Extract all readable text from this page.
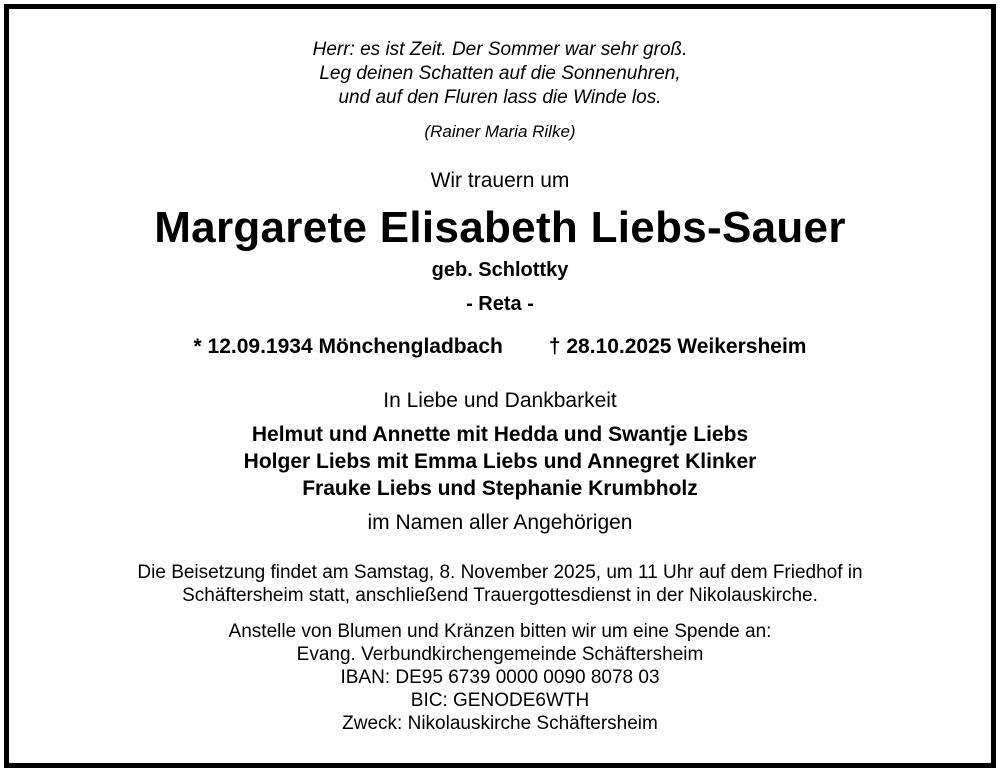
Herr: es ist Zeit. Der Sommer war sehr groß.
Leg deinen Schatten auf die Sonnenuhren,
und auf den Fluren lass die Winde los.
(Rainer Maria Rilke)
Wir trauern um
Margarete Elisabeth Liebs-Sauer
geb. Schlottky
- Reta -
* 12.09.1934 Mönchengladbach † 28.10.2025 Weikersheim
In Liebe und Dankbarkeit
Helmut und Annette mit Hedda und Swantje Liebs
Holger Liebs mit Emma Liebs und Annegret Klinker
Frauke Liebs und Stephanie Krumbholz
im Namen aller Angehörigen
Die Beisetzung findet am Samstag, 8. November 2025, um 11 Uhr auf dem Friedhof in
Schäftersheim statt, anschließend Trauergottesdienst in der Nikolauskirche.
Anstelle von Blumen und Kränzen bitten wir um eine Spende an:
Evang. Verbundkirchengemeinde Schäftersheim
IBAN: DE95 6739 0000 0090 8078 03
BIC: GENODE6WTH
Zweck: Nikolauskirche Schäftersheim
